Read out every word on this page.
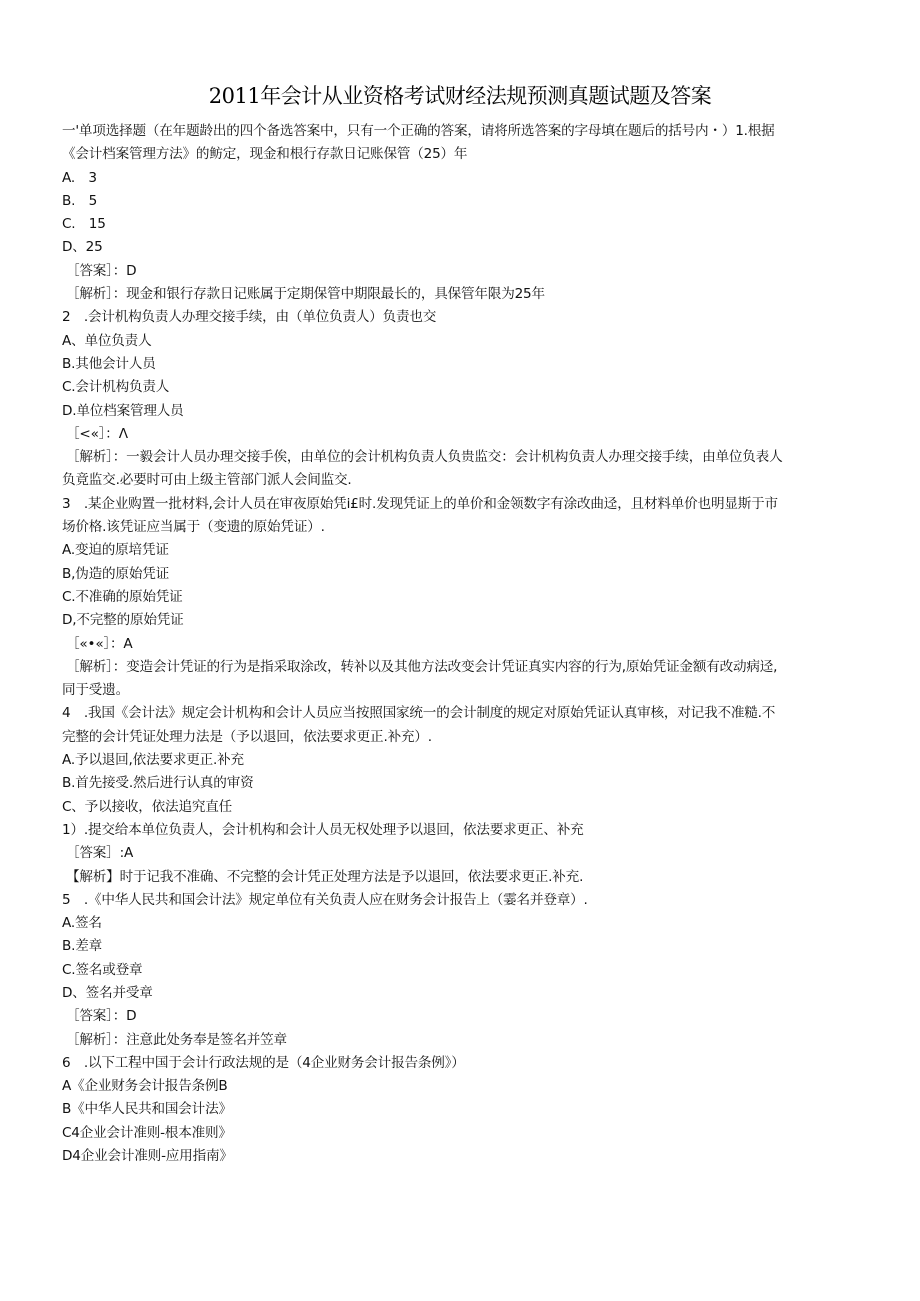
2011年会计从业资格考试财经法规预测真题试题及答案
一'单项选择题（在年题龄出的四个备选答案中，只有一个正确的答案，请将所选答案的字母填在题后的括号内・）1.根据
《会计档案管理方法》的鲂定，现金和根行存款日记账保管（25）年
A.　3
B.　5
C.　15
D、25
［答案］：D
［解析］：现金和银行存款日记账属于定期保管中期限最长的，具保管年限为25年
2　.会计机构负责人办理交接手续，由（单位负责人）负责也交
A、单位负责人
B.其他会计人员
C.会计机构负责人
D.单位档案管理人员
［<«］：Λ
［解析］：一毅会计人员办理交接手俟，由单位的会计机构负责人负贵监交：会计机构负责人办理交接手续，由单位负表人
负竟监交.必要时可由上级主管部门派人会间监交.
3　.某企业购置一批材料,会计人员在审夜原始凭i£时.发现凭证上的单价和金领数字有涂改曲迳，且材料单价也明显斯于市
场价格.该凭证应当属于（变遗的原始凭证）.
A.变迫的原培凭证
B,伪造的原始凭证
C.不准确的原始凭证
D,不完整的原始凭证
［«•«］：A
［解析］：变造会计凭证的行为是指采取涂改，转补以及其他方法改变会计凭证真实内容的行为,原始凭证金额有改动病迳,
同于受遗。
4　.我国《会计法》规定会计机构和会计人员应当按照国家统一的会计制度的规定对原始凭证认真审核，对记我不准糙.不
完整的会计凭证处理力法是（予以退回，依法要求更正.补充）.
A.予以退回,依法要求更正.补充
B.首先接受.然后进行认真的审资
C、予以接收，依法追究直任
1）.提交给本单位负责人，会计机构和会计人员无权处理予以退回，依法要求更正、补充
［答案］:A
【解析】时于记我不准确、不完整的会计凭正处理方法是予以退回，依法要求更正.补充.
5　.《中华人民共和国会计法》规定单位有关负责人应在财务会计报告上（霎名并登章）.
A.签名
B.差章
C.签名或登章
D、签名并受章
［答案］：D
［解析］：注意此处务奉是签名并笠章
6　.以下工程中国于会计行政法规的是（4企业财务会计报告条例》）
A《企业财务会计报告条例B
B《中华人民共和国会计法》
C4企业会计准则-根本准则》
D4企业会计准则-应用指南》
